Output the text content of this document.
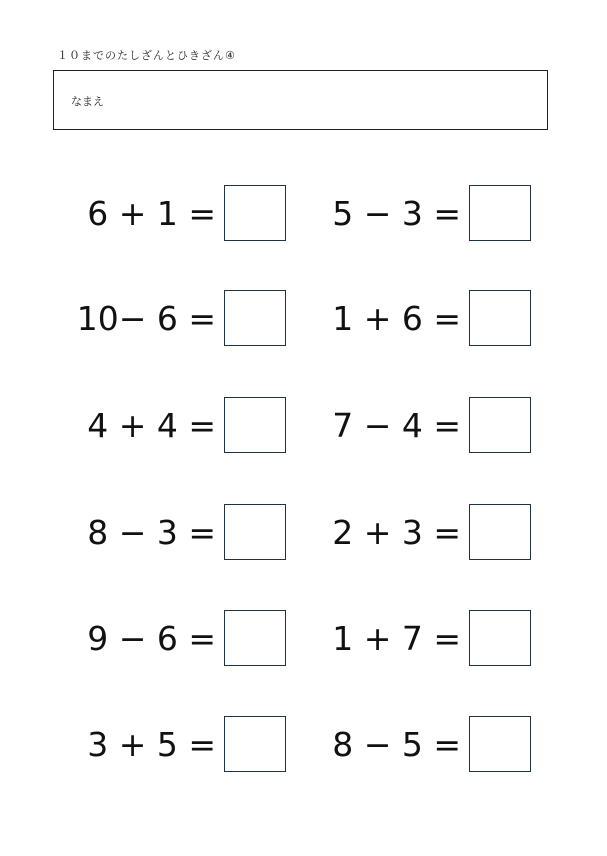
１０までのたしざんとひきざん④
なまえ
6 + 1 =	5 − 3 =
10− 6 =	1 + 6 =
4 + 4 =	7 − 4 =
8 − 3 =	2 + 3 =
9 − 6 =	1 + 7 =
3 + 5 =	8 − 5 =
